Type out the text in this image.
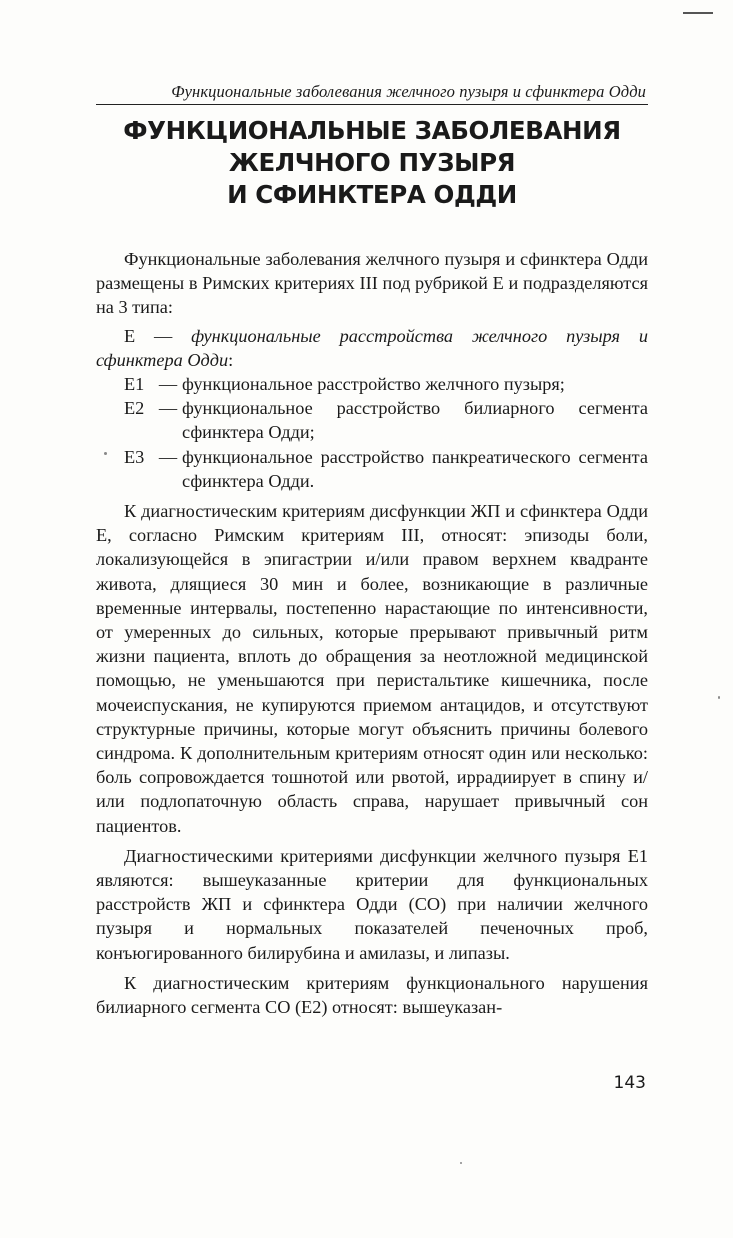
Функциональные заболевания желчного пузыря и сфинктера Одди
ФУНКЦИОНАЛЬНЫЕ ЗАБОЛЕВАНИЯ
ЖЕЛЧНОГО ПУЗЫРЯ
И СФИНКТЕРА ОДДИ

Функциональные заболевания желчного пузыря и сфинктера Одди размещены в Римских критериях III под рубрикой E и подразделяются на 3 типа:

E — функциональные расстройства желчного пузыря и сфинктера Одди:

E1 — функциональное расстройство желчного пузыря;
E2 — функциональное расстройство билиарного сегмента сфинктера Одди;
E3 — функциональное расстройство панкреатического сегмента сфинктера Одди.

К диагностическим критериям дисфункции ЖП и сфинктера Одди E, согласно Римским критериям III, относят: эпизоды боли, локализующейся в эпигастрии и/или правом верхнем квадранте живота, длящиеся 30 мин и более, возникающие в различные временные интервалы, постепенно нарастающие по интенсивности, от умеренных до сильных, которые прерывают привычный ритм жизни пациента, вплоть до обращения за неотложной медицинской помощью, не уменьшаются при перистальтике кишечника, после мочеиспускания, не купируются приемом антацидов, и отсутствуют структурные причины, которые могут объяснить причины болевого синдрома. К дополнительным критериям относят один или несколько: боль сопровождается тошнотой или рвотой, иррадиирует в спину и/или подлопаточную область справа, нарушает привычный сон пациентов.

Диагностическими критериями дисфункции желчного пузыря E1 являются: вышеуказанные критерии для функциональных расстройств ЖП и сфинктера Одди (СО) при наличии желчного пузыря и нормальных показателей печеночных проб, конъюгированного билирубина и амилазы, и липазы.

К диагностическим критериям функционального нарушения билиарного сегмента СО (E2) относят: вышеуказан-

143
